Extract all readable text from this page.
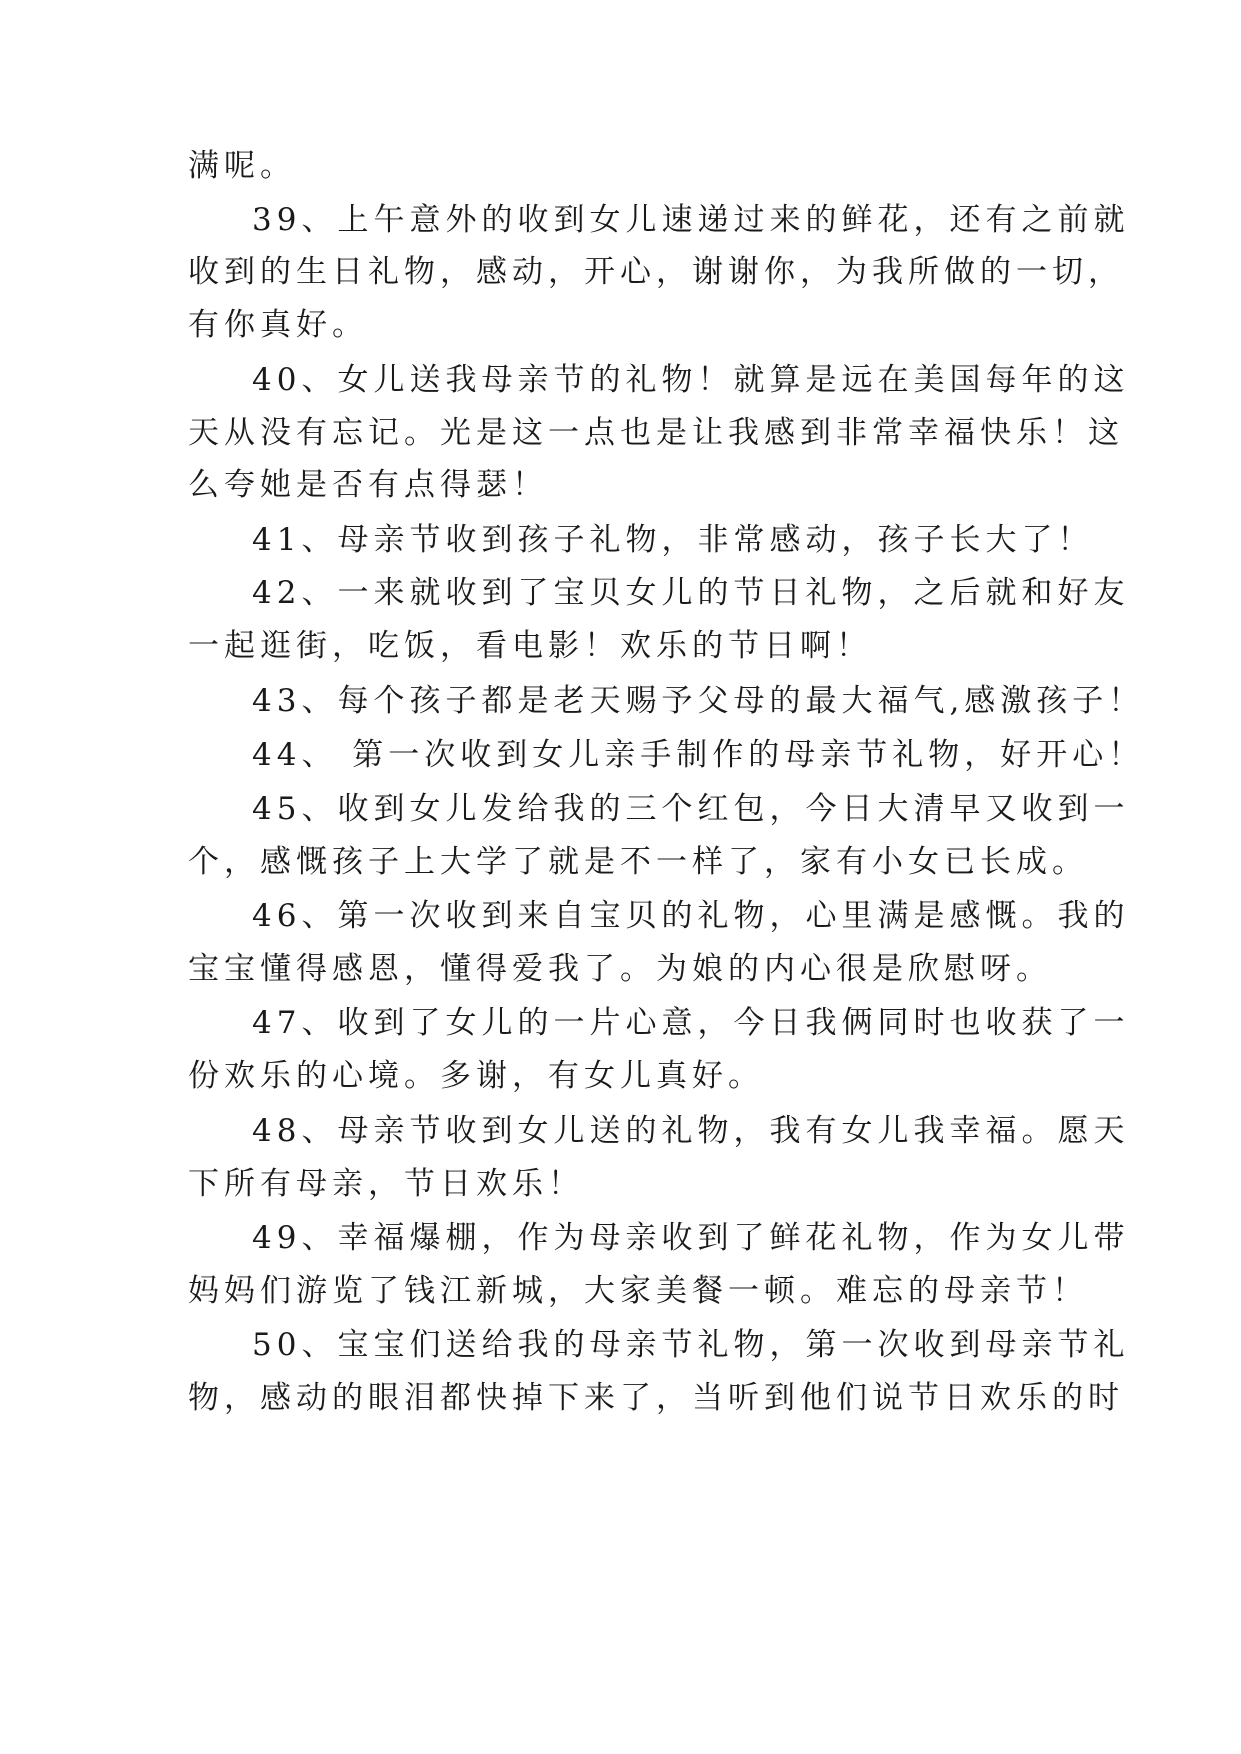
满呢。
39、上午意外的收到女儿速递过来的鲜花，还有之前就
收到的生日礼物，感动，开心，谢谢你，为我所做的一切，
有你真好。
40、女儿送我母亲节的礼物！就算是远在美国每年的这
天从没有忘记。光是这一点也是让我感到非常幸福快乐！这
么夸她是否有点得瑟！
41、母亲节收到孩子礼物，非常感动，孩子长大了！
42、一来就收到了宝贝女儿的节日礼物，之后就和好友
一起逛街，吃饭，看电影！欢乐的节日啊！
43、每个孩子都是老天赐予父母的最大福气,感激孩子！
44、 第一次收到女儿亲手制作的母亲节礼物，好开心！
45、收到女儿发给我的三个红包，今日大清早又收到一
个，感慨孩子上大学了就是不一样了，家有小女已长成。
46、第一次收到来自宝贝的礼物，心里满是感慨。我的
宝宝懂得感恩，懂得爱我了。为娘的内心很是欣慰呀。
47、收到了女儿的一片心意，今日我俩同时也收获了一
份欢乐的心境。多谢，有女儿真好。
48、母亲节收到女儿送的礼物，我有女儿我幸福。愿天
下所有母亲，节日欢乐！
49、幸福爆棚，作为母亲收到了鲜花礼物，作为女儿带
妈妈们游览了钱江新城，大家美餐一顿。难忘的母亲节！
50、宝宝们送给我的母亲节礼物，第一次收到母亲节礼
物，感动的眼泪都快掉下来了，当听到他们说节日欢乐的时
